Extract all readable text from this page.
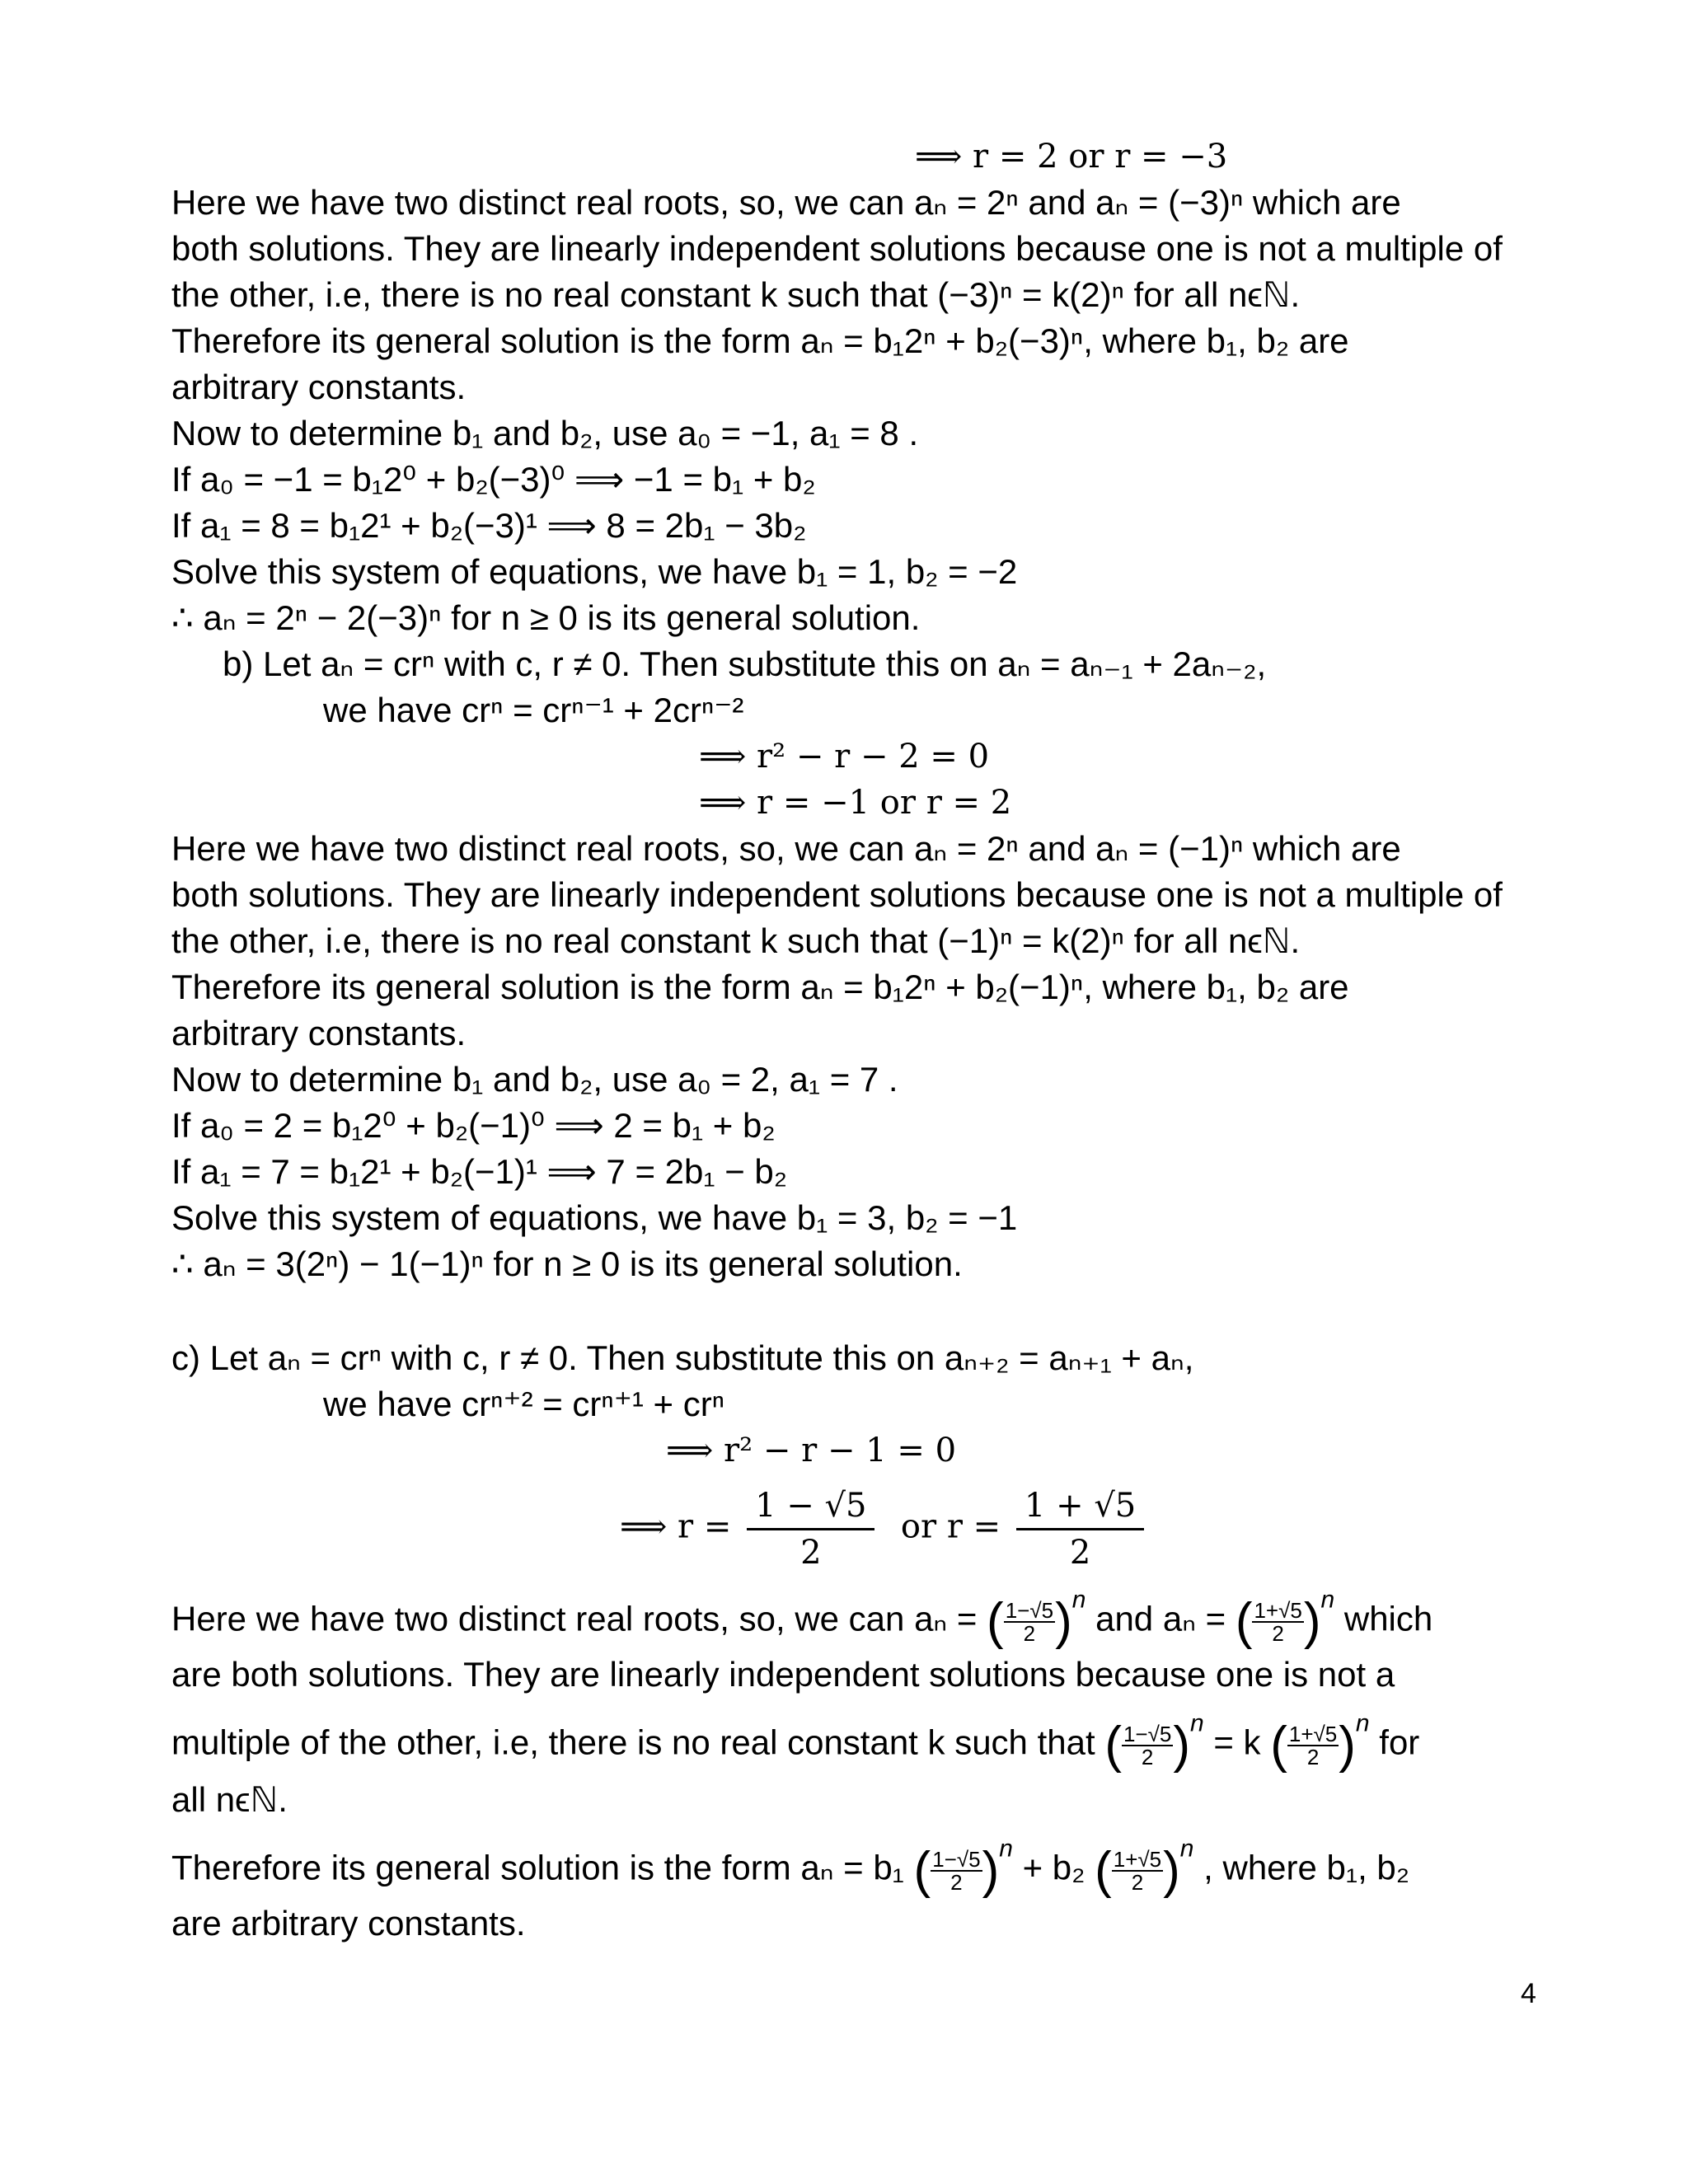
⟹ r = 2 or r = −3
Here we have two distinct real roots, so, we can aₙ = 2ⁿ and aₙ = (−3)ⁿ which are
both solutions. They are linearly independent solutions because one is not a multiple of
the other, i.e, there is no real constant k such that (−3)ⁿ = k(2)ⁿ for all nϵℕ.
Therefore its general solution is the form aₙ = b₁2ⁿ + b₂(−3)ⁿ, where b₁, b₂ are
arbitrary constants.
Now to determine b₁ and b₂, use a₀ = −1, a₁ = 8 .
If a₀ = −1 = b₁2⁰ + b₂(−3)⁰ ⟹ −1 = b₁ + b₂
If a₁ = 8 = b₁2¹ + b₂(−3)¹ ⟹ 8 = 2b₁ − 3b₂
Solve this system of equations, we have b₁ = 1, b₂ = −2
∴ aₙ = 2ⁿ − 2(−3)ⁿ for n ≥ 0 is its general solution.
b) Let aₙ = crⁿ with c, r ≠ 0. Then substitute this on aₙ = aₙ₋₁ + 2aₙ₋₂,
we have crⁿ = crⁿ⁻¹ + 2crⁿ⁻²
⟹ r² − r − 2 = 0
⟹ r = −1 or r = 2
Here we have two distinct real roots, so, we can aₙ = 2ⁿ and aₙ = (−1)ⁿ which are
both solutions. They are linearly independent solutions because one is not a multiple of
the other, i.e, there is no real constant k such that (−1)ⁿ = k(2)ⁿ for all nϵℕ.
Therefore its general solution is the form aₙ = b₁2ⁿ + b₂(−1)ⁿ, where b₁, b₂ are
arbitrary constants.
Now to determine b₁ and b₂, use a₀ = 2, a₁ = 7 .
If a₀ = 2 = b₁2⁰ + b₂(−1)⁰ ⟹ 2 = b₁ + b₂
If a₁ = 7 = b₁2¹ + b₂(−1)¹ ⟹ 7 = 2b₁ − b₂
Solve this system of equations, we have b₁ = 3, b₂ = −1
∴ aₙ = 3(2ⁿ) − 1(−1)ⁿ for n ≥ 0 is its general solution.
c) Let aₙ = crⁿ with c, r ≠ 0. Then substitute this on aₙ₊₂ = aₙ₊₁ + aₙ,
we have crⁿ⁺² = crⁿ⁺¹ + crⁿ
⟹ r² − r − 1 = 0
⟹ $r = \frac{1 - √5}{2}$ or $r = \frac{1 + √5}{2}$
Here we have two distinct real roots, so, we can aₙ = ( $\frac{1-√5}{2} )^n$ and aₙ = ( $\frac{1+√5}{2} )^n$ which
are both solutions. They are linearly independent solutions because one is not a
multiple of the other, i.e, there is no real constant k such that ( $\frac{1-√5}{2} )^n = k$ ( $\frac{1+√5}{2} )^n$ for
all nϵℕ.
Therefore its general solution is the form aₙ = b₁ ( $\frac{1-√5}{2} )^n + b_2$ ( $\frac{1+√5}{2} )^n$ , where b₁, b₂
are arbitrary constants.
4
